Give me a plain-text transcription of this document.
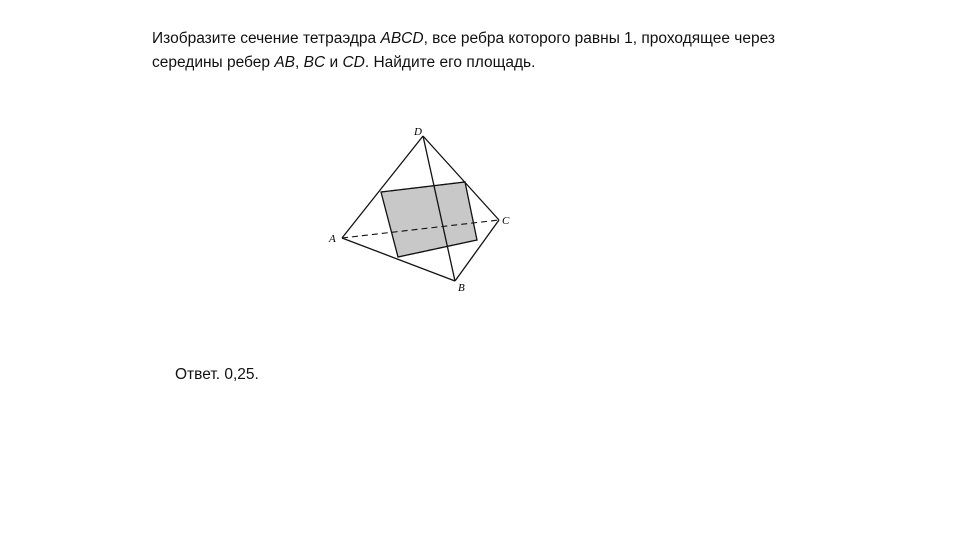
Изобразите сечение тетраэдра ABCD, все ребра которого равны 1, проходящее через середины ребер AB, BC и CD. Найдите его площадь.

D
A
C
B
Ответ. 0,25.
